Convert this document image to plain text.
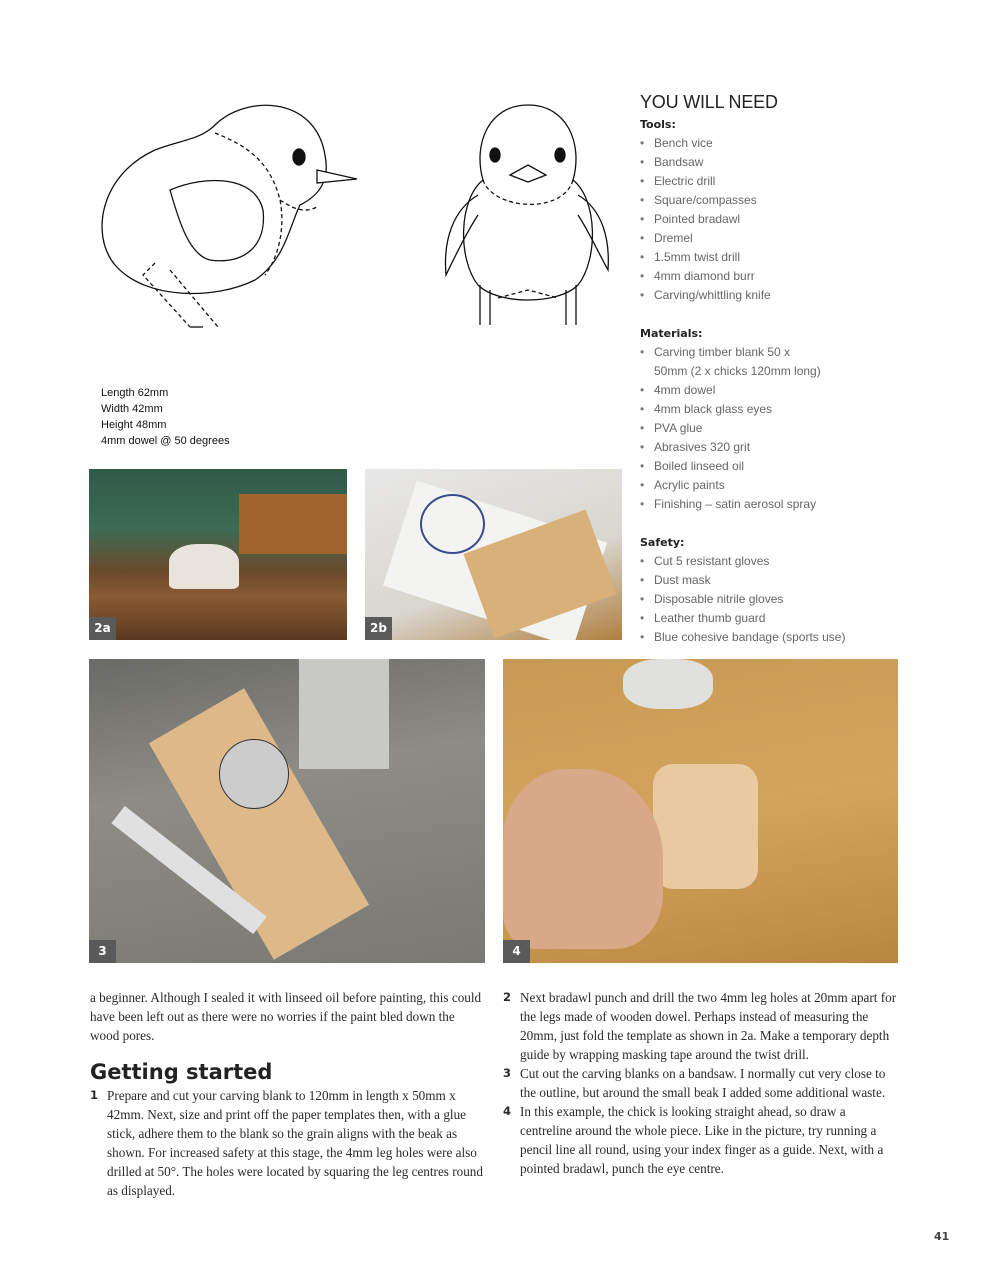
Length 62mm
Width 42mm
Height 48mm
4mm dowel @ 50 degrees
YOU WILL NEED
Tools:
• Bench vice
• Bandsaw
• Electric drill
• Square/compasses
• Pointed bradawl
• Dremel
• 1.5mm twist drill
• 4mm diamond burr
• Carving/whittling knife
Materials:
• Carving timber blank 50 x 50mm (2 x chicks 120mm long)
• 4mm dowel
• 4mm black glass eyes
• PVA glue
• Abrasives 320 grit
• Boiled linseed oil
• Acrylic paints
• Finishing – satin aerosol spray
Safety:
• Cut 5 resistant gloves
• Dust mask
• Disposable nitrile gloves
• Leather thumb guard
• Blue cohesive bandage (sports use)
2a	2b
3	4

a beginner. Although I sealed it with linseed oil before painting, this could have been left out as there were no worries if the paint bled down the wood pores.

Getting started
1 Prepare and cut your carving blank to 120mm in length x 50mm x 42mm. Next, size and print off the paper templates then, with a glue stick, adhere them to the blank so the grain aligns with the beak as shown. For increased safety at this stage, the 4mm leg holes were also drilled at 50°. The holes were located by squaring the leg centres round as displayed.
2 Next bradawl punch and drill the two 4mm leg holes at 20mm apart for the legs made of wooden dowel. Perhaps instead of measuring the 20mm, just fold the template as shown in 2a. Make a temporary depth guide by wrapping masking tape around the twist drill.
3 Cut out the carving blanks on a bandsaw. I normally cut very close to the outline, but around the small beak I added some additional waste.
4 In this example, the chick is looking straight ahead, so draw a centreline around the whole piece. Like in the picture, try running a pencil line all round, using your index finger as a guide. Next, with a pointed bradawl, punch the eye centre.
41
